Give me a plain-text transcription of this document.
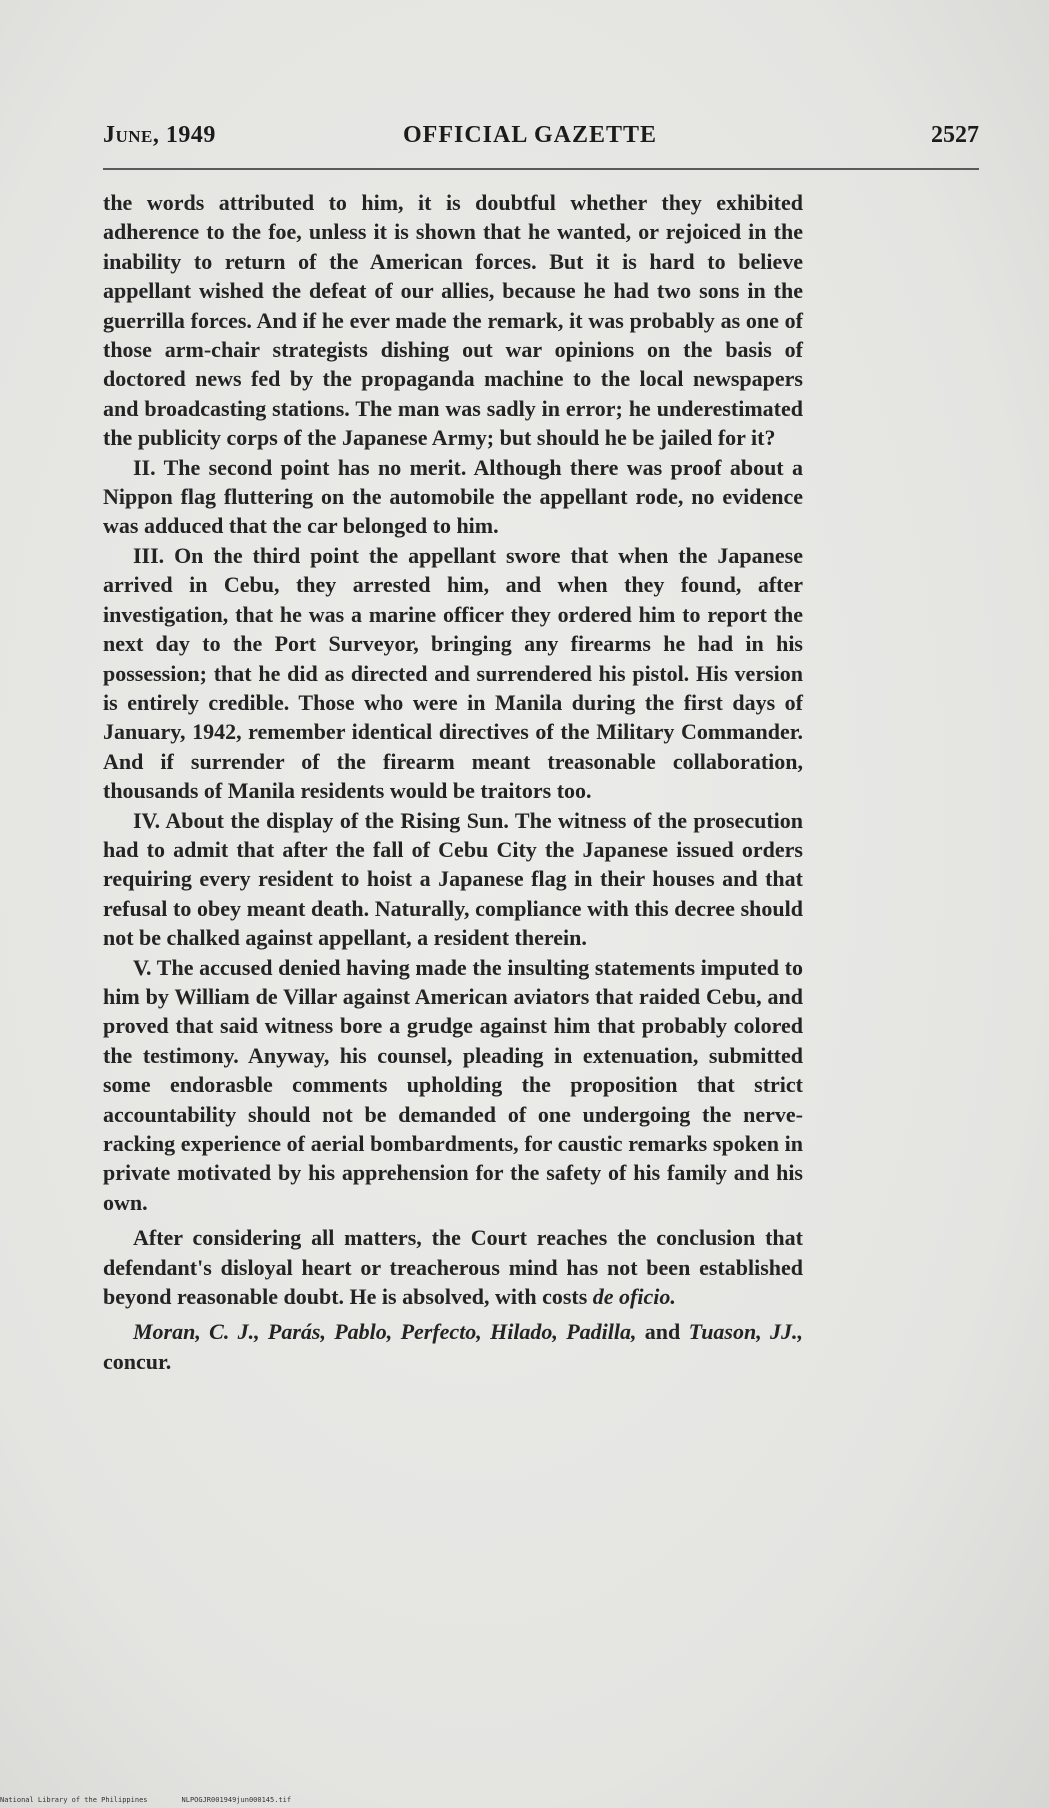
June, 1949	OFFICIAL GAZETTE	2527

the words attributed to him, it is doubtful whether they exhibited adherence to the foe, unless it is shown that he wanted, or rejoiced in the inability to return of the American forces. But it is hard to believe appellant wished the defeat of our allies, because he had two sons in the guerrilla forces. And if he ever made the remark, it was probably as one of those arm-chair strategists dishing out war opinions on the basis of doctored news fed by the propaganda machine to the local newspapers and broadcasting stations. The man was sadly in error; he underestimated the publicity corps of the Japanese Army; but should he be jailed for it?

II. The second point has no merit. Although there was proof about a Nippon flag fluttering on the automobile the appellant rode, no evidence was adduced that the car belonged to him.

III. On the third point the appellant swore that when the Japanese arrived in Cebu, they arrested him, and when they found, after investigation, that he was a marine officer they ordered him to report the next day to the Port Surveyor, bringing any firearms he had in his possession; that he did as directed and surrendered his pistol. His version is entirely credible. Those who were in Manila during the first days of January, 1942, remember identical directives of the Military Commander. And if surrender of the firearm meant treasonable collaboration, thousands of Manila residents would be traitors too.

IV. About the display of the Rising Sun. The witness of the prosecution had to admit that after the fall of Cebu City the Japanese issued orders requiring every resident to hoist a Japanese flag in their houses and that refusal to obey meant death. Naturally, compliance with this decree should not be chalked against appellant, a resident therein.

V. The accused denied having made the insulting statements imputed to him by William de Villar against American aviators that raided Cebu, and proved that said witness bore a grudge against him that probably colored the testimony. Anyway, his counsel, pleading in extenuation, submitted some endorasble comments upholding the proposition that strict accountability should not be demanded of one undergoing the nerve-racking experience of aerial bombardments, for caustic remarks spoken in private motivated by his apprehension for the safety of his family and his own.

After considering all matters, the Court reaches the conclusion that defendant's disloyal heart or treacherous mind has not been established beyond reasonable doubt. He is absolved, with costs de oficio.

Moran, C. J., Parás, Pablo, Perfecto, Hilado, Padilla, and Tuason, JJ., concur.

National Library of the Philippines	NLPOGJR001949jun000145.tif
